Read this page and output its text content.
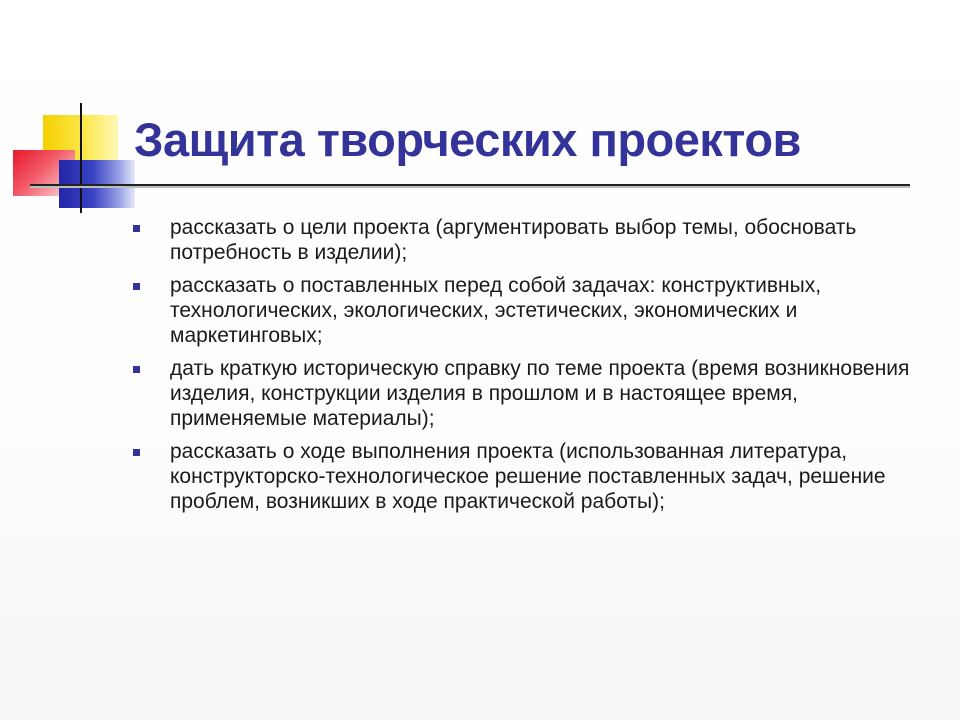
Защита творческих проектов
рассказать о цели проекта (аргументировать выбор темы, обосновать потребность в изделии);
рассказать о поставленных перед собой задачах: конструктивных, технологических, экологических, эстетических, экономических и маркетинговых;
дать краткую историческую справку по теме проекта (время возникновения изделия, конструкции изделия в прошлом и в настоящее время, применяемые материалы);
рассказать о ходе выполнения проекта (использованная литература, конструкторско-технологическое решение поставленных задач, решение проблем, возникших в ходе практической работы);
